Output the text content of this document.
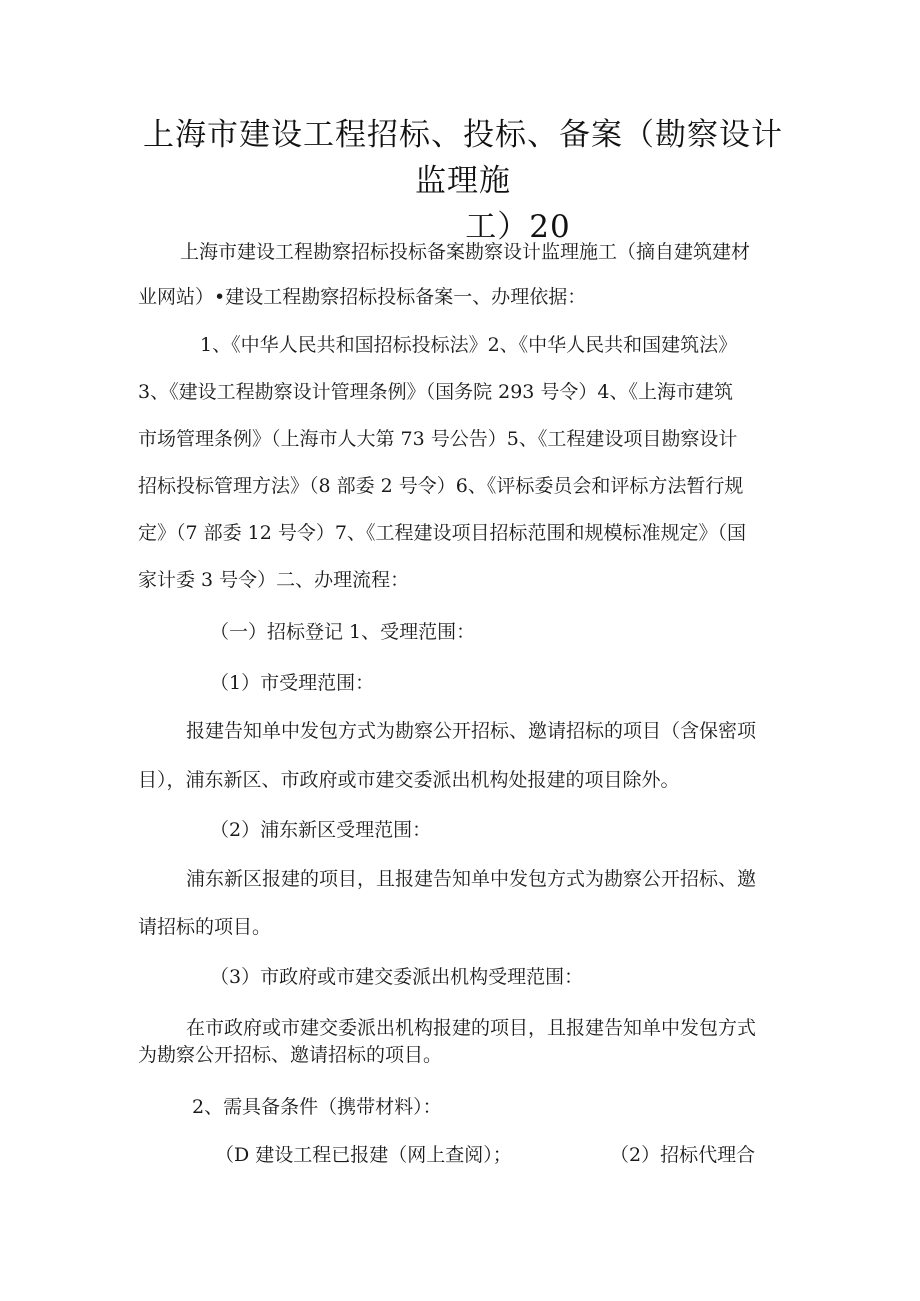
上海市建设工程招标、投标、备案（勘察设计监理施
工）20
上海市建设工程勘察招标投标备案勘察设计监理施工（摘自建筑建材
业网站）•建设工程勘察招标投标备案一、办理依据：
1、《中华人民共和国招标投标法》2、《中华人民共和国建筑法》
3、《建设工程勘察设计管理条例》（国务院 293 号令）4、《上海市建筑
市场管理条例》（上海市人大第 73 号公告）5、《工程建设项目勘察设计
招标投标管理方法》（8 部委 2 号令）6、《评标委员会和评标方法暂行规
定》（7 部委 12 号令）7、《工程建设项目招标范围和规模标准规定》（国
家计委 3 号令）二、办理流程：
（一）招标登记 1、受理范围：
（1）市受理范围：
报建告知单中发包方式为勘察公开招标、邀请招标的项目（含保密项
目），浦东新区、市政府或市建交委派出机构处报建的项目除外。
（2）浦东新区受理范围：
浦东新区报建的项目，且报建告知单中发包方式为勘察公开招标、邀
请招标的项目。
（3）市政府或市建交委派出机构受理范围：
在市政府或市建交委派出机构报建的项目，且报建告知单中发包方式
为勘察公开招标、邀请招标的项目。
2、需具备条件（携带材料）：
（D 建设工程已报建（网上查阅）；	（2）招标代理合
